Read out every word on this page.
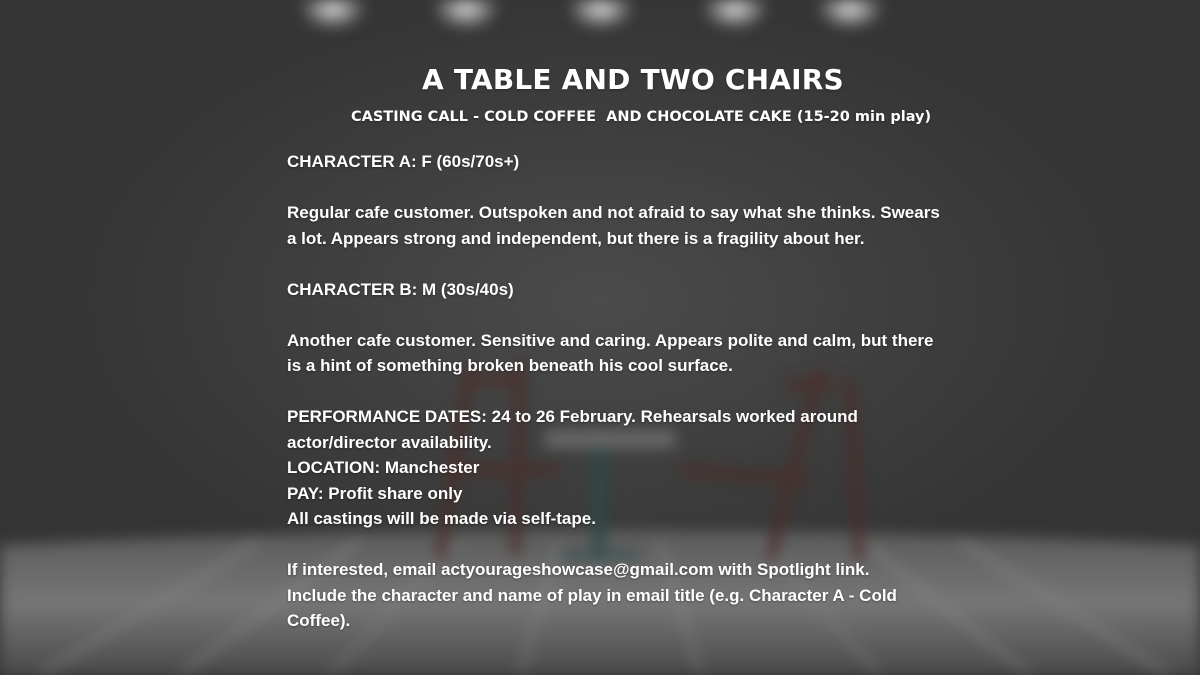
A TABLE AND TWO CHAIRS
CASTING CALL - COLD COFFEE  AND CHOCOLATE CAKE (15-20 min play)

CHARACTER A: F (60s/70s+)

Regular cafe customer. Outspoken and not afraid to say what she thinks. Swears a lot. Appears strong and independent, but there is a fragility about her.

CHARACTER B: M (30s/40s)

Another cafe customer. Sensitive and caring. Appears polite and calm, but there is a hint of something broken beneath his cool surface.

PERFORMANCE DATES: 24 to 26 February. Rehearsals worked around actor/director availability.

LOCATION: Manchester

PAY: Profit share only

All castings will be made via self-tape.

If interested, email actyourageshowcase@gmail.com with Spotlight link.

Include the character and name of play in email title (e.g. Character A - Cold Coffee).
